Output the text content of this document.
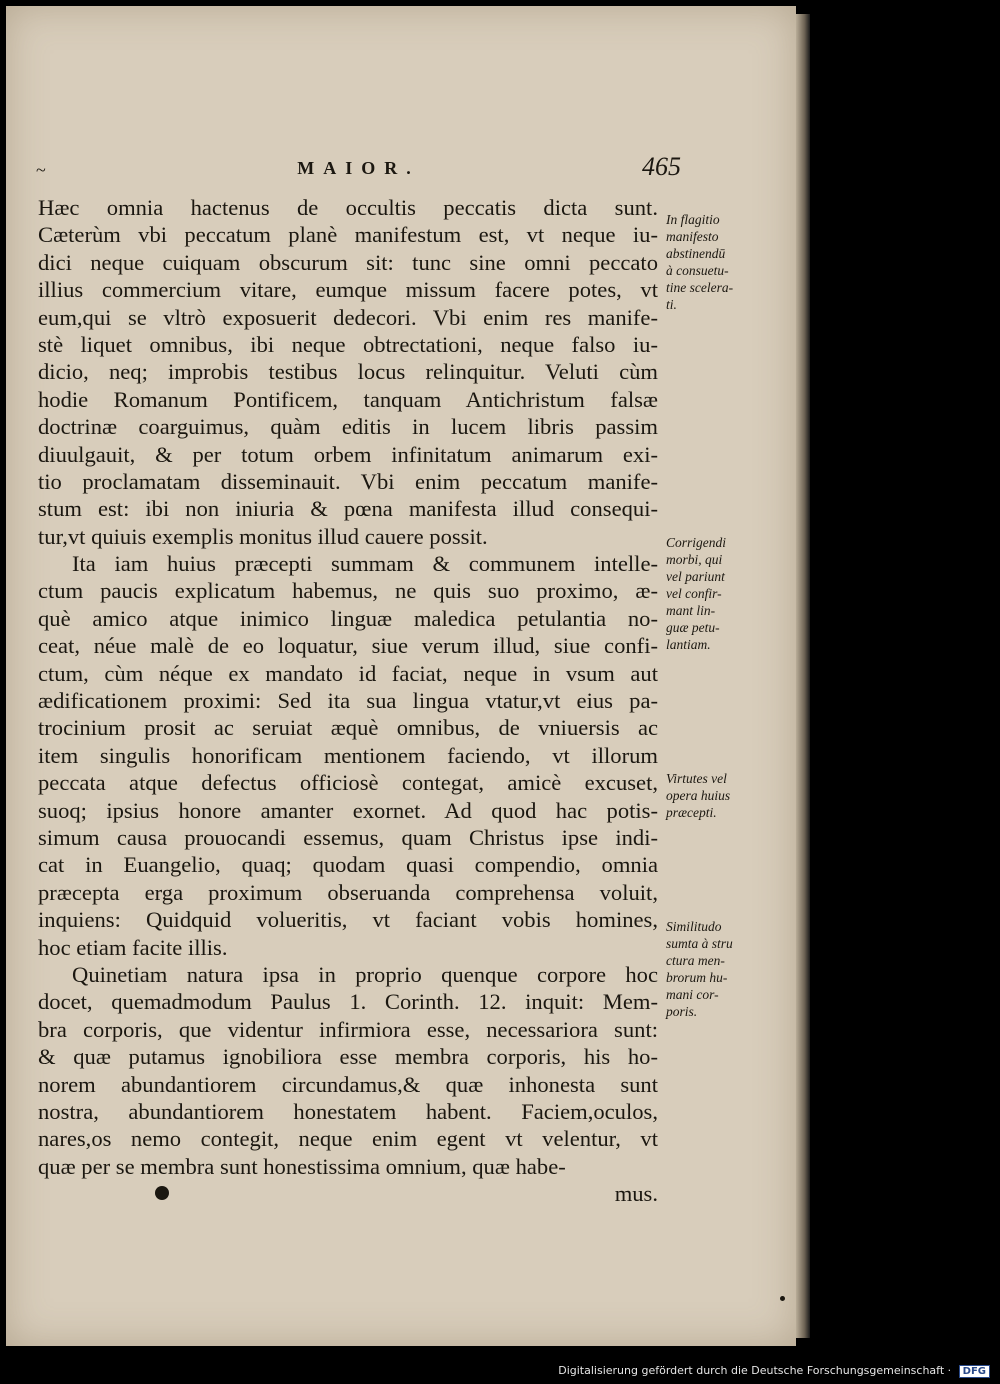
~	MAIOR.	465
Hæc omnia hactenus de occultis peccatis dicta sunt.
Cæterùm vbi peccatum planè manifestum est, vt neque iu-
dici neque cuiquam obscurum sit: tunc sine omni peccato
illius commercium vitare, eumque missum facere potes, vt
eum,qui se vltrò exposuerit dedecori. Vbi enim res manife-
stè liquet omnibus, ibi neque obtrectationi, neque falso iu-
dicio, neq; improbis testibus locus relinquitur. Veluti cùm
hodie Romanum Pontificem, tanquam Antichristum falsæ
doctrinæ coarguimus, quàm editis in lucem libris passim
diuulgauit, & per totum orbem infinitatum animarum exi-
tio proclamatam disseminauit. Vbi enim peccatum manife-
stum est: ibi non iniuria & pœna manifesta illud consequi-
tur,vt quiuis exemplis monitus illud cauere possit.
Ita iam huius præcepti summam & communem intelle-
ctum paucis explicatum habemus, ne quis suo proximo, æ-
què amico atque inimico linguæ maledica petulantia no-
ceat, néue malè de eo loquatur, siue verum illud, siue confi-
ctum, cùm néque ex mandato id faciat, neque in vsum aut
ædificationem proximi: Sed ita sua lingua vtatur,vt eius pa-
trocinium prosit ac seruiat æquè omnibus, de vniuersis ac
item singulis honorificam mentionem faciendo, vt illorum
peccata atque defectus officiosè contegat, amicè excuset,
suoq; ipsius honore amanter exornet. Ad quod hac potis-
simum causa prouocandi essemus, quam Christus ipse indi-
cat in Euangelio, quaq; quodam quasi compendio, omnia
præcepta erga proximum obseruanda comprehensa voluit,
inquiens: Quidquid volueritis, vt faciant vobis homines,
hoc etiam facite illis.
Quinetiam natura ipsa in proprio quenque corpore hoc
docet, quemadmodum Paulus 1. Corinth. 12. inquit: Mem-
bra corporis, que videntur infirmiora esse, necessariora sunt:
& quæ putamus ignobiliora esse membra corporis, his ho-
norem abundantiorem circundamus,& quæ inhonesta sunt
nostra, abundantiorem honestatem habent. Faciem,oculos,
nares,os nemo contegit, neque enim egent vt velentur, vt
quæ per se membra sunt honestissima omnium, quæ habe-
mus.
In flagitio
manifesto
abstinendū
à consuetu-
tine scelera-
ti.
Corrigendi
morbi, qui
vel pariunt
vel confir-
mant lin-
guæ petu-
lantiam.
Virtutes vel
opera huius
præcepti.
Similitudo
sumta à stru
ctura men-
brorum hu-
mani cor-
poris.
Digitalisierung gefördert durch die Deutsche Forschungsgemeinschaft · DFG
